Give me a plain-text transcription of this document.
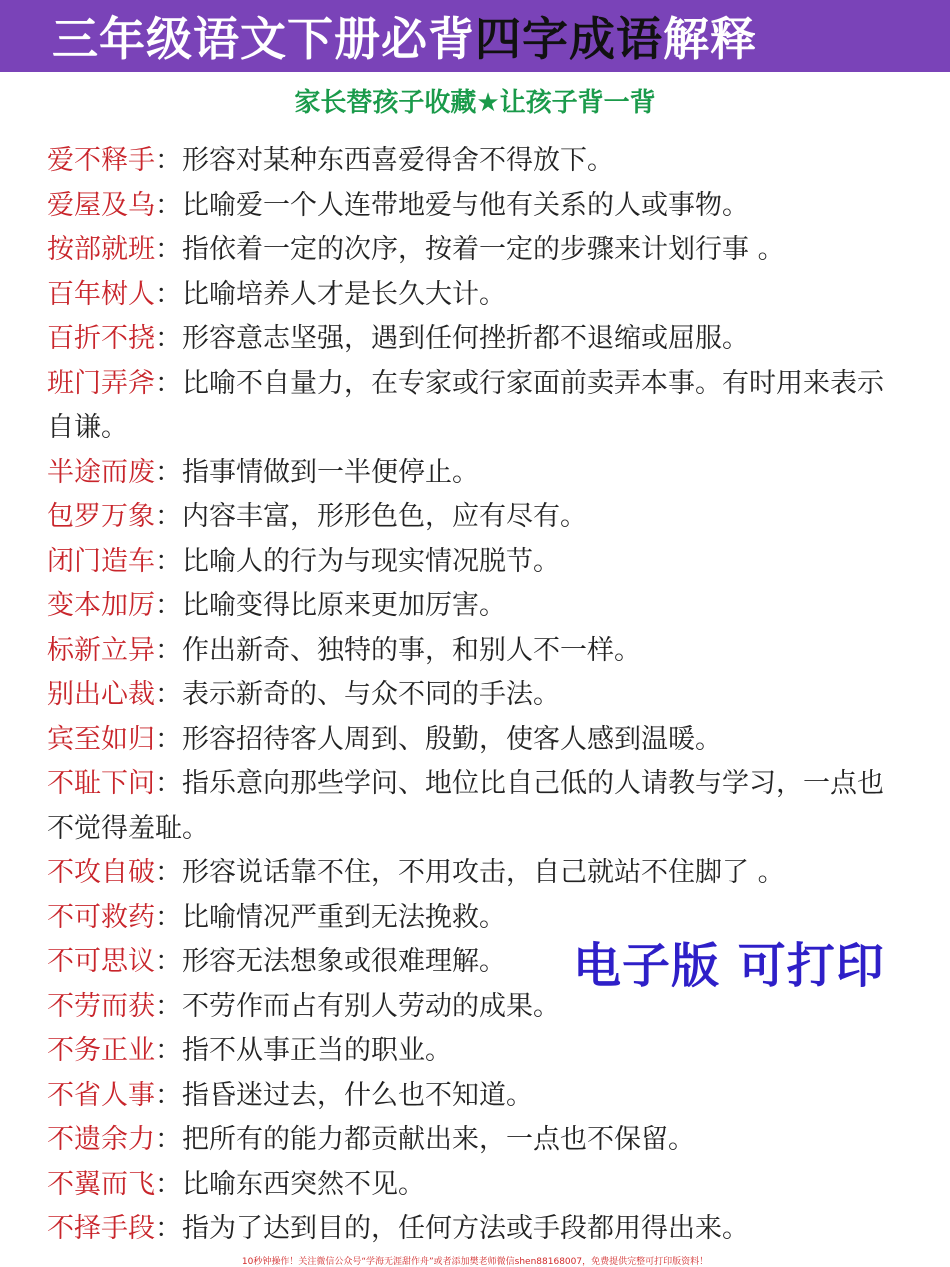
三年级语文下册必背四字成语解释
家长替孩子收藏★让孩子背一背
爱不释手：形容对某种东西喜爱得舍不得放下。
爱屋及乌：比喻爱一个人连带地爱与他有关系的人或事物。
按部就班：指依着一定的次序，按着一定的步骤来计划行事 。
百年树人：比喻培养人才是长久大计。
百折不挠：形容意志坚强，遇到任何挫折都不退缩或屈服。
班门弄斧：比喻不自量力，在专家或行家面前卖弄本事。有时用来表示自谦。
半途而废：指事情做到一半便停止。
包罗万象：内容丰富，形形色色，应有尽有。
闭门造车：比喻人的行为与现实情况脱节。
变本加厉：比喻变得比原来更加厉害。
标新立异：作出新奇、独特的事，和别人不一样。
别出心裁：表示新奇的、与众不同的手法。
宾至如归：形容招待客人周到、殷勤，使客人感到温暖。
不耻下问：指乐意向那些学问、地位比自己低的人请教与学习，一点也不觉得羞耻。
不攻自破：形容说话靠不住，不用攻击，自己就站不住脚了 。
不可救药：比喻情况严重到无法挽救。
不可思议：形容无法想象或很难理解。
不劳而获：不劳作而占有别人劳动的成果。
不务正业：指不从事正当的职业。
不省人事：指昏迷过去，什么也不知道。
不遗余力：把所有的能力都贡献出来，一点也不保留。
不翼而飞：比喻东西突然不见。
不择手段：指为了达到目的，任何方法或手段都用得出来。
电子版 可打印
10秒钟操作！关注微信公众号“学海无涯甜作舟”或者添加樊老师微信shen88168007，免费提供完整可打印版资料！
